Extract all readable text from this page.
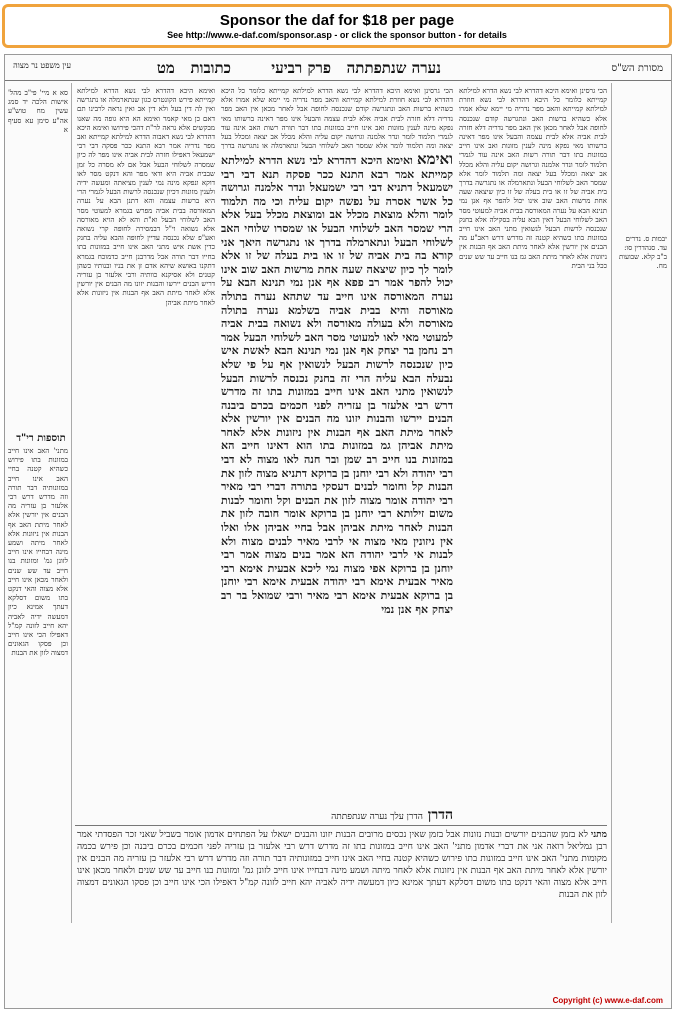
Sponsor the daf for $18 per page
See http://www.e-daf.com/sponsor.asp - or click the sponsor button - for details
מסורת הש"ס
נערה שנתפתתה
פרק רביעי
כתובות   מט
עין משפט נר מצוה

סא א מיי' פי"ב מהל' אישות הלכה יד סמג עשין מח טוש"ע אה"ע סימן עא סעיף א

ואימא היכא דהדרא לבי נשא הדרא למילתא קמייתא פירש הקונטרס כגון שנתארמלה או נתגרשה ואין לה דין בעל ולא דין אב ואין נראה לרבינו תם דאם כן מאי קאמר ואימא הא היא גופה מה שאנו מבקשים אלא נראה לר"ת דהכי פירושו ואימא היכא דהדרא לבי נשא דאבוה הדרא למילתא קמייתא ואב מפר נדריה אמר רבא התנא ככר פסקה דבי רבי ישמעאל דאפילו חזרה לבית אביה אינו מפר לה כיון שמסרה לשלוחי הבעל אבל אם לא מסרה כל זמן שבבית אביה היא ודאי מפר והא דנקט מסר לאו דוקא ונפקא מינה נמי לענין מציאתה ומעשה ידיה ולענין מזונות דכיון שנכנסה לרשות הבעל לגמרי הרי היא ברשות עצמה והא דתנן הבא על נערה המאורסה בבית אביה מפרש בגמרא למעוטי מסר האב לשלוחי הבעל וא"ת והא לא הויא מאורסה אלא נשואה וי"ל דבמסירה לחופה קרי נשואה ואע"פ שלא נכנסה עדיין לחופה והבא עליה בחנק כדין אשת איש מתני האב אינו חייב במזונות בתו בחייו דבר תורה אבל מדרבנן חייב כדמוכח בגמרא דתקנו באושא שיהא אדם זן את בניו ובנותיו כשהן קטנים ולא אסיקנא כוותיה ורבי אלעזר בן עזריה דריש הבנים יירשו והבנות יזונו מה הבנים אין יורשין אלא לאחר מיתת האב אף הבנות אין ניזונות אלא לאחר מיתת אביהן

תוספות רי"ד

מתני' האב אינו חייב במזונות בתו פירוש כשהיא קטנה בחיי האב אינו חייב במזונותיה דבר תורה וזה מדרש דרש רבי אלעזר בן עזריה מה הבנים אין יורשין אלא לאחר מיתת האב אף הבנות אין ניזונות אלא לאחר מיתה ושמע מינה דבחייו אינו חייב לזונן גמ' ומזונות בנו חייב עד שש שנים ולאחר מכאן אינו חייב אלא מצוה והאי דנקט בתו משום דסלקא דעתך אמינא כיון דמעשה ידיה לאביה יהא חייב לזונה קמ"ל דאפילו הכי אינו חייב וכן פסקו הגאונים דמצוה לזון את הבנות

ואימא ואימא היכא דהדרא לבי נשא הדרא למילתא קמייתא אמר רבא התנא ככר פסקה תנא דבי רבי ישמעאל דתניא דבי רבי ישמעאל ונדר אלמנה וגרושה כל אשר אסרה על נפשה יקום עליה וכי מה תלמוד לומר והלא מוצאת מכלל אב ומוצאת מכלל בעל אלא הרי שמסר האב לשלוחי הבעל או שמסרו שלוחי האב לשלוחי הבעל ונתארמלה בדרך או נתגרשה היאך אני קורא בה בית אביה של זו או בית בעלה של זו אלא לומר לך כיון שיצאה שעה אחת מרשות האב שוב אינו יכול להפר אמר רב פפא אף אנן נמי תנינא הבא על נערה המאורסה אינו חייב עד שתהא נערה בתולה מאורסה והיא בבית אביה בשלמא נערה בתולה מאורסה ולא בעולה מאורסה ולא נשואה בבית אביה למעוטי מאי לאו למעוטי מסר האב לשלוחי הבעל אמר רב נחמן בר יצחק אף אנן נמי תנינא הבא לאשת איש כיון שנכנסה לרשות הבעל לנשואין אף על פי שלא נבעלה הבא עליה הרי זה בחנק נכנסה לרשות הבעל לנשואין מתני האב אינו חייב במזונות בתו זה מדרש דרש רבי אלעזר בן עזריה לפני חכמים בכרם ביבנה הבנים יירשו והבנות יזונו מה הבנים אין יורשין אלא לאחר מיתת האב אף הבנות אין ניזונות אלא לאחר מיתת אביהן גמ במזונות בתו הוא דאינו חייב הא במזונות בנו חייב רב שמן ובר חנה לאו מצוה לא דבי רבי יהודה ולא רבי יוחנן בן ברוקא דתניא מצוה לזון את הבנות קל וחומר לבנים דעסקי בתורה דברי רבי מאיר רבי יהודה אומר מצוה לזון את הבנים וקל וחומר לבנות משום זילותא רבי יוחנן בן ברוקא אומר חובה לזון את הבנות לאחר מיתת אביהן אבל בחיי אביהן אלו ואלו אין ניזונין מאי מצוה אי לרבי מאיר לבנים מצוה ולא לבנות אי לרבי יהודה הא אמר בנים מצוה אמר רבי יוחנן בן ברוקא אפי מצוה נמי ליכא אבעית אימא רבי מאיר אבעית אימא רבי יהודה אבעית אימא רבי יוחנן בן ברוקא אבעית אימא רבי מאיר ורבי שמואל בר רב יצחק אף אנן נמי

הכי גרסינן ואימא היכא דהדרא לבי נשא הדרא למילתא קמייתא כלומר כל היכא דהדרא לבי נשא חוזרת למילתא קמייתא והאב מפר נדריה מי יימא שלא אמרו אלא כשהיא ברשות האב ונתגרשה קודם שנכנסה לחופה אבל לאחר מכאן אין האב מפר נדריה דלא חזרה לבית אביה אלא לבית עצמה והבעל אינו מפר דאינה ברשותו מאי נפקא מינה לענין מזונות ואב אינו חייב במזונות בתו דבר תורה רשות האב אינה עוד לגמרי תלמוד לומר ונדר אלמנה וגרושה יקום עליה והלא מכלל אב יצאה ומכלל בעל יצאה ומה תלמוד לומר אלא שמסר האב לשלוחי הבעל ונתארמלה או נתגרשה בדרך בית אביה של זו או בית בעלה של זו כיון שיצאה שעה אחת מרשות האב שוב אינו יכול להפר אף אנן נמי תנינא הבא על נערה המאורסה בבית אביה למעוטי מסר האב לשלוחי הבעל דאין הבא עליה בסקילה אלא בחנק שנכנסה לרשות הבעל לנשואין מתני האב אינו חייב במזונות בתו כשהיא קטנה זה מדרש דרש ראב"ע מה הבנים אין יורשין אלא לאחר מיתת האב אף הבנות אין ניזונות אלא לאחר מיתת האב גמ בנו חייב עד שש שנים ככל בני הבית

יבמות ס. נדרים עד. סנהדרין סו: ב"ב קלא. שבועות מח.

הכי גרסינן ואימא היכא דהדרא לבי נשא הדרא למילתא קמייתא כלומר כל היכא דהדרא לבי נשא חוזרת למילתא קמייתא והאב מפר נדריה מי יימא שלא אמרו אלא כשהיא ברשות האב ונתגרשה קודם שנכנסה לחופה אבל לאחר מכאן אין האב מפר נדריה דלא חזרה לבית אביה אלא לבית עצמה והבעל אינו מפר דאינה ברשותו מאי נפקא מינה לענין מזונות ואב אינו חייב במזונות בתו דבר תורה רשות האב אינה עוד לגמרי תלמוד לומר ונדר אלמנה וגרושה יקום עליה והלא מכלל אב יצאה ומכלל בעל יצאה ומה תלמוד לומר אלא שמסר האב לשלוחי הבעל ונתארמלה או נתגרשה בדרך

הדרן הדרן עלך נערה שנתפתתה

מתני לא בזמן שהבנים יורשים ובנות נזונות אבל בזמן שאין נכסים מרובים הבנות יזונו והבנים ישאלו על הפתחים אדמון אומר בשביל שאני זכר הפסדתי אמר רבן גמליאל רואה אני את דברי אדמון מתני' האב אינו חייב במזונות בתו זה מדרש דרש רבי אלעזר בן עזריה לפני חכמים בכרם ביבנה וכן פירש בכמה מקומות מתני' האב אינו חייב במזונות בתו פירוש כשהיא קטנה בחיי האב אינו חייב במזונותיה דבר תורה וזה מדרש דרש רבי אלעזר בן עזריה מה הבנים אין יורשין אלא לאחר מיתת האב אף הבנות אין ניזונות אלא לאחר מיתה ושמע מינה דבחייו אינו חייב לזונן גמ' ומזונות בנו חייב עד שש שנים ולאחר מכאן אינו חייב אלא מצוה והאי דנקט בתו משום דסלקא דעתך אמינא כיון דמעשה ידיה לאביה יהא חייב לזונה קמ"ל דאפילו הכי אינו חייב וכן פסקו הגאונים דמצוה לזון את הבנות

Copyright (c) www.e-daf.com
